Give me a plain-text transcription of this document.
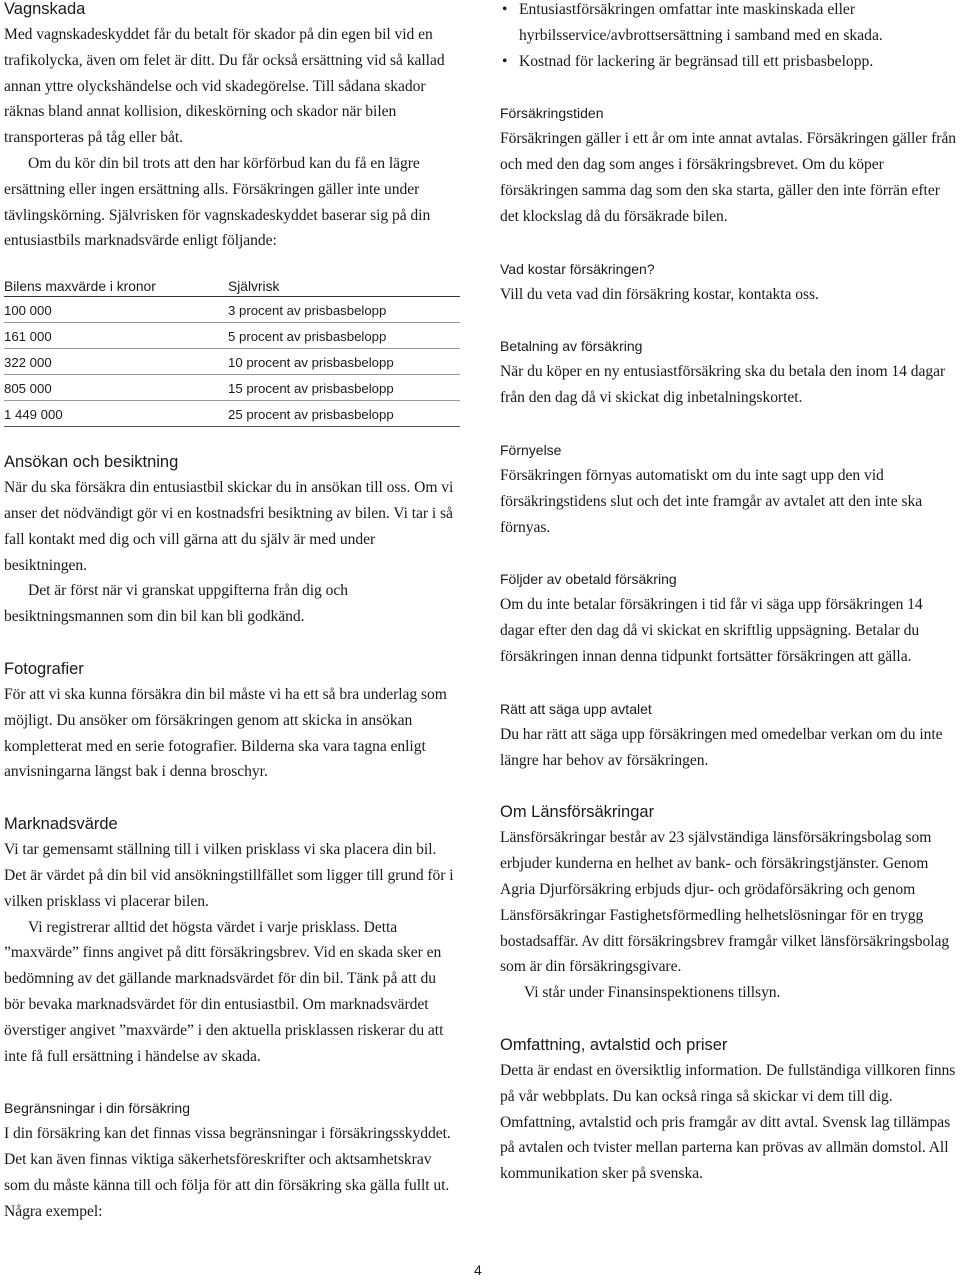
Vagnskada

Med vagnskadeskyddet får du betalt för skador på din egen bil vid en trafikolycka, även om felet är ditt. Du får också ersättning vid så kallad annan yttre olyckshändelse och vid skadegörelse. Till sådana skador räknas bland annat kollision, dikeskörning och skador när bilen transporteras på tåg eller båt.

Om du kör din bil trots att den har körförbud kan du få en lägre ersättning eller ingen ersättning alls. Försäkringen gäller inte under tävlingskörning. Självrisken för vagnskadeskyddet baserar sig på din entusiastbils marknadsvärde enligt följande:

Bilens maxvärde i kronor	Självrisk
100 000	3 procent av prisbasbelopp
161 000	5 procent av prisbasbelopp
322 000	10 procent av prisbasbelopp
805 000	15 procent av prisbasbelopp
1 449 000	25 procent av prisbasbelopp
Ansökan och besiktning

När du ska försäkra din entusiastbil skickar du in ansökan till oss. Om vi anser det nödvändigt gör vi en kostnadsfri besiktning av bilen. Vi tar i så fall kontakt med dig och vill gärna att du själv är med under besiktningen.

Det är först när vi granskat uppgifterna från dig och besiktningsmannen som din bil kan bli godkänd.

Fotografier

För att vi ska kunna försäkra din bil måste vi ha ett så bra underlag som möjligt. Du ansöker om försäkringen genom att skicka in ansökan kompletterat med en serie fotografier. Bilderna ska vara tagna enligt anvisningarna längst bak i denna broschyr.

Marknadsvärde

Vi tar gemensamt ställning till i vilken prisklass vi ska placera din bil. Det är värdet på din bil vid ansökningstillfället som ligger till grund för i vilken prisklass vi placerar bilen.

Vi registrerar alltid det högsta värdet i varje prisklass. Detta ”maxvärde” finns angivet på ditt försäkringsbrev. Vid en skada sker en bedömning av det gällande marknadsvärdet för din bil. Tänk på att du bör bevaka marknadsvärdet för din entusiastbil. Om marknadsvärdet överstiger angivet ”maxvärde” i den aktuella prisklassen riskerar du att inte få full ersättning i händelse av skada.

Begränsningar i din försäkring

I din försäkring kan det finnas vissa begränsningar i försäkringsskyddet. Det kan även finnas viktiga säkerhetsföreskrifter och aktsamhetskrav som du måste känna till och följa för att din försäkring ska gälla fullt ut. Några exempel:

• Entusiastförsäkringen omfattar inte maskinskada eller hyrbilsservice/avbrottsersättning i samband med en skada.
• Kostnad för lackering är begränsad till ett prisbasbelopp.
Försäkringstiden

Försäkringen gäller i ett år om inte annat avtalas. Försäkringen gäller från och med den dag som anges i försäkringsbrevet. Om du köper försäkringen samma dag som den ska starta, gäller den inte förrän efter det klockslag då du försäkrade bilen.

Vad kostar försäkringen?

Vill du veta vad din försäkring kostar, kontakta oss.

Betalning av försäkring

När du köper en ny entusiastförsäkring ska du betala den inom 14 dagar från den dag då vi skickat dig inbetalningskortet.

Förnyelse

Försäkringen förnyas automatiskt om du inte sagt upp den vid försäkringstidens slut och det inte framgår av avtalet att den inte ska förnyas.

Följder av obetald försäkring

Om du inte betalar försäkringen i tid får vi säga upp försäkringen 14 dagar efter den dag då vi skickat en skriftlig uppsägning. Betalar du försäkringen innan denna tidpunkt fortsätter försäkringen att gälla.

Rätt att säga upp avtalet

Du har rätt att säga upp försäkringen med omedelbar verkan om du inte längre har behov av försäkringen.

Om Länsförsäkringar

Länsförsäkringar består av 23 självständiga länsförsäkringsbolag som erbjuder kunderna en helhet av bank- och försäkringstjänster. Genom Agria Djurförsäkring erbjuds djur- och grödaförsäkring och genom Länsförsäkringar Fastighetsförmedling helhetslösningar för en trygg bostadsaffär. Av ditt försäkringsbrev framgår vilket länsförsäkringsbolag som är din försäkringsgivare.

Vi står under Finansinspektionens tillsyn.

Omfattning, avtalstid och priser

Detta är endast en översiktlig information. De fullständiga villkoren finns på vår webbplats. Du kan också ringa så skickar vi dem till dig. Omfattning, avtalstid och pris framgår av ditt avtal. Svensk lag tillämpas på avtalen och tvister mellan parterna kan prövas av allmän domstol. All kommunikation sker på svenska.

4
